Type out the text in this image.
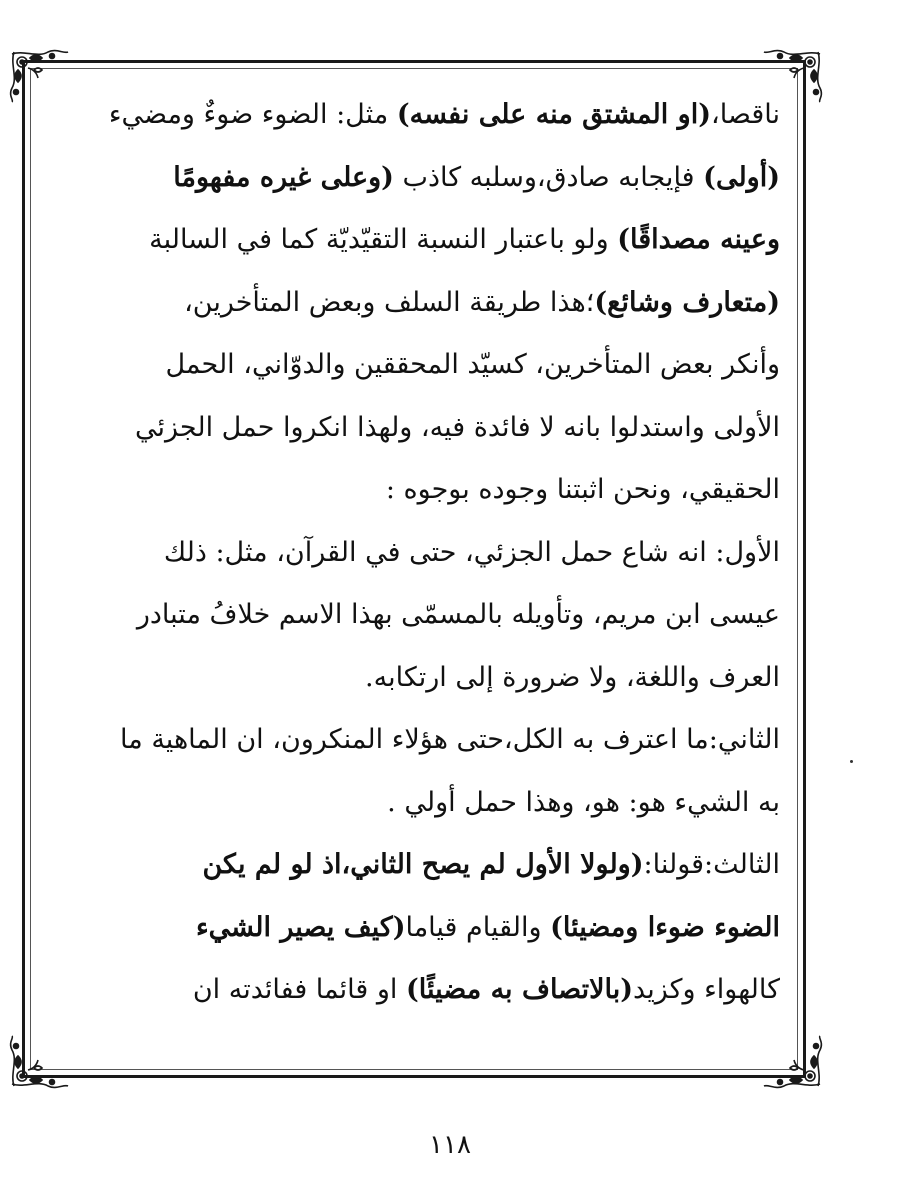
ناقصا،(او المشتق منه على نفسه) مثل: الضوء ضوءٌ ومضيء
(أولى) فإيجابه صادق،وسلبه كاذب (وعلى غيره مفهومًا
وعينه مصداقًا) ولو باعتبار النسبة التقيّديّة كما في السالبة
(متعارف وشائع)؛هذا طريقة السلف وبعض المتأخرين،
وأنكر بعض المتأخرين، كسيّد المحققين والدوّاني، الحمل
الأولى واستدلوا بانه لا فائدة فيه، ولهذا انكروا حمل الجزئي
الحقيقي، ونحن اثبتنا وجوده بوجوه :
الأول: انه شاع حمل الجزئي، حتى في القرآن، مثل: ذلك
عيسى ابن مريم، وتأويله بالمسمّى بهذا الاسم خلافُ متبادر
العرف واللغة، ولا ضرورة إلى ارتكابه.
الثاني:ما اعترف به الكل،حتى هؤلاء المنكرون، ان الماهية ما
به الشيء هو: هو، وهذا حمل أولي .
الثالث:قولنا:(ولولا الأول لم يصح الثاني،اذ لو لم يكن
الضوء ضوءا ومضيئا) والقيام قياما(كيف يصير الشيء
كالهواء وكزيد(بالاتصاف به مضيئًا) او قائما ففائدته ان
١١٨
